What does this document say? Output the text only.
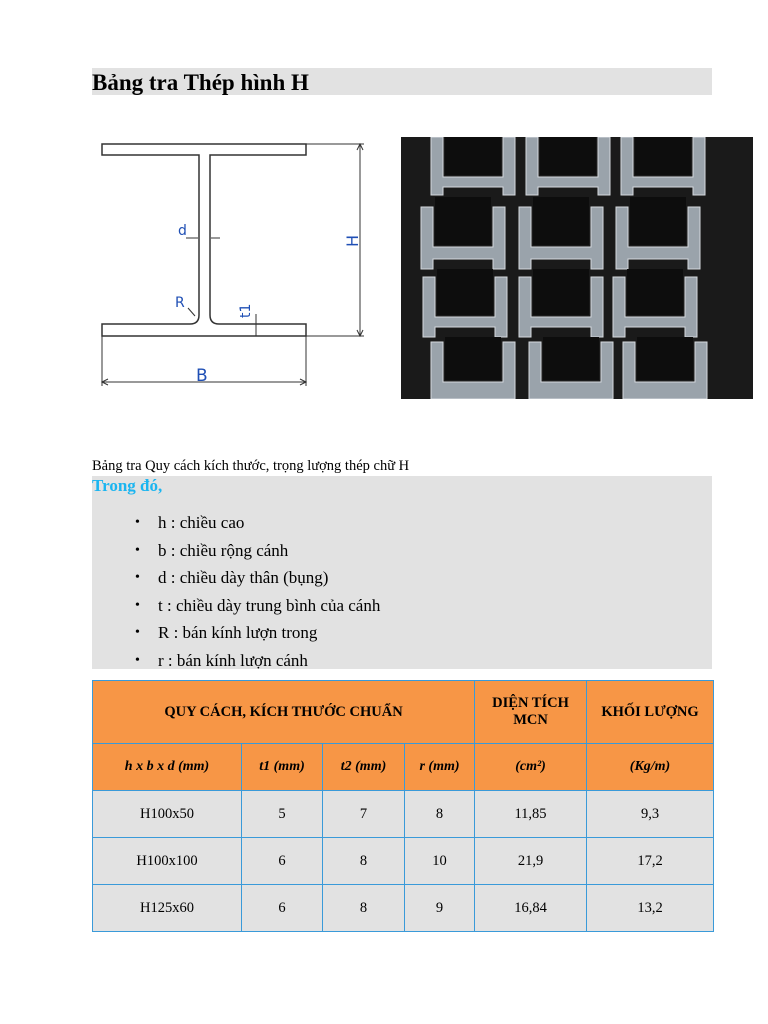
Bảng tra Thép hình H
d
H
R	t1
B
Bảng tra Quy cách kích thước, trọng lượng thép chữ H
Trong đó,
• h : chiều cao
• b : chiều rộng cánh
• d : chiều dày thân (bụng)
• t : chiều dày trung bình của cánh
• R : bán kính lượn trong
• r : bán kính lượn cánh
QUY CÁCH, KÍCH THƯỚC CHUẨN				DIỆN TÍCH MCN	KHỐI LƯỢNG
h x b x d (mm)	t1 (mm)	t2 (mm)	r (mm)	(cm²)	(Kg/m)
H100x50	5	7	8	11,85	9,3
H100x100	6	8	10	21,9	17,2
H125x60	6	8	9	16,84	13,2
